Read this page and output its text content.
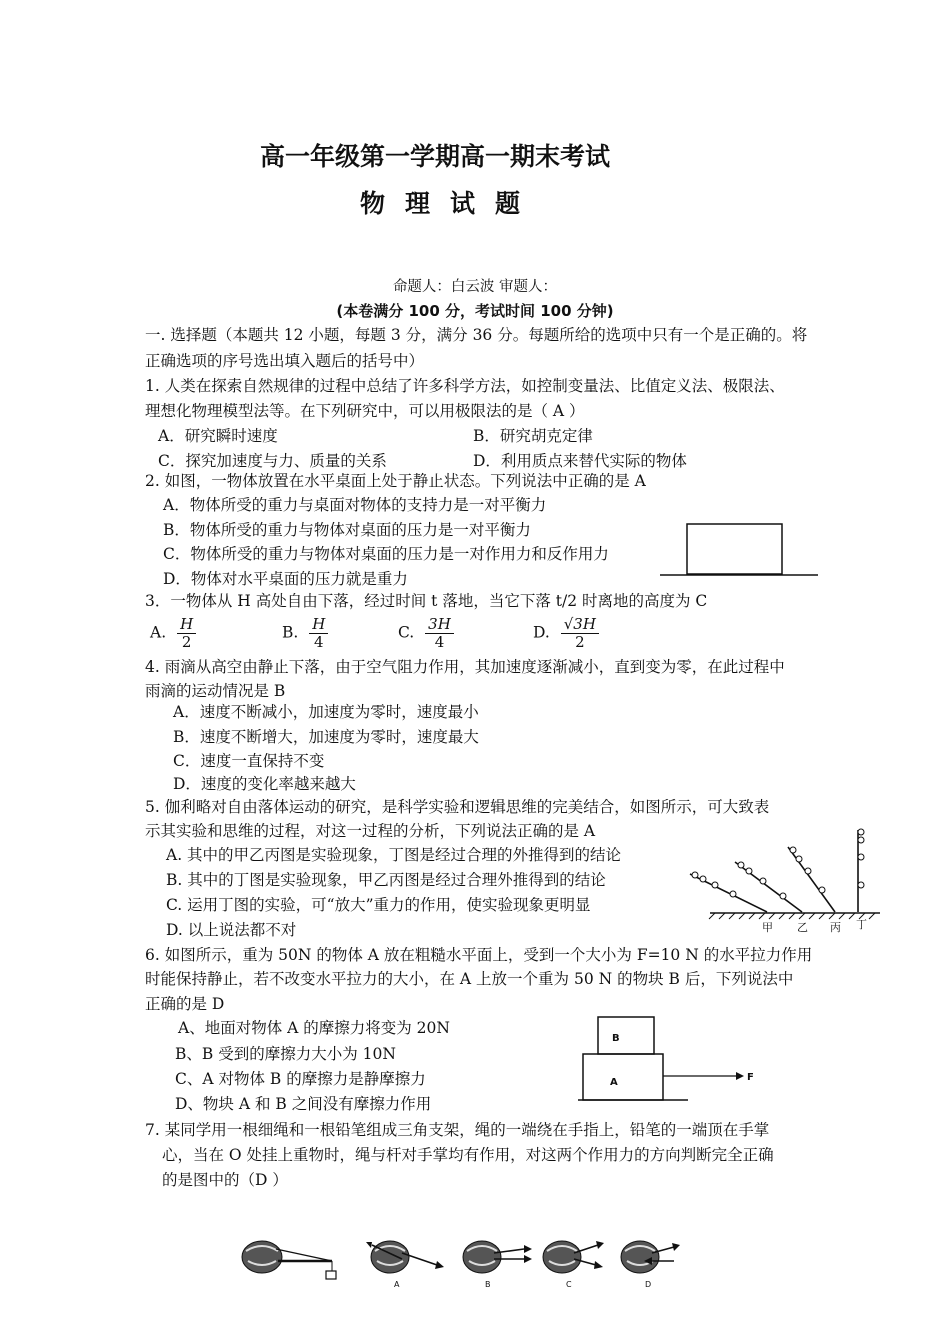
高一年级第一学期高一期末考试
物理试题
命题人：白云波 审题人：
(本卷满分 100 分，考试时间 100 分钟)
一. 选择题（本题共 12 小题，每题 3 分，满分 36 分。每题所给的选项中只有一个是正确的。将
正确选项的序号选出填入题后的括号中）
1. 人类在探索自然规律的过程中总结了许多科学方法，如控制变量法、比值定义法、极限法、
理想化物理模型法等。在下列研究中，可以用极限法的是（ A ）
A．研究瞬时速度	B．研究胡克定律
C．探究加速度与力、质量的关系	D．利用质点来替代实际的物体
2. 如图，一物体放置在水平桌面上处于静止状态。下列说法中正确的是 A
A．物体所受的重力与桌面对物体的支持力是一对平衡力
B．物体所受的重力与物体对桌面的压力是一对平衡力
C．物体所受的重力与物体对桌面的压力是一对作用力和反作用力
D．物体对水平桌面的压力就是重力
3．一物体从 H 高处自由下落，经过时间 t 落地，当它下落 t/2 时离地的高度为 C
A. $\frac{H}{2}$	B. $\frac{H}{4}$	C. $\frac{3H}{4}$	D. $\frac{√3H}{2}$
4. 雨滴从高空由静止下落，由于空气阻力作用，其加速度逐渐减小，直到变为零，在此过程中
雨滴的运动情况是 B
A．速度不断减小，加速度为零时，速度最小
B．速度不断增大，加速度为零时，速度最大
C．速度一直保持不变
D．速度的变化率越来越大
5. 伽利略对自由落体运动的研究，是科学实验和逻辑思维的完美结合，如图所示，可大致表
示其实验和思维的过程，对这一过程的分析，下列说法正确的是 A
A. 其中的甲乙丙图是实验现象，丁图是经过合理的外推得到的结论
B. 其中的丁图是实验现象，甲乙丙图是经过合理外推得到的结论
C. 运用丁图的实验，可“放大”重力的作用，使实验现象更明显
D. 以上说法都不对	甲 乙 丙 丁
6. 如图所示，重为 50N 的物体 A 放在粗糙水平面上，受到一个大小为 F=10 N 的水平拉力作用
时能保持静止，若不改变水平拉力的大小，在 A 上放一个重为 50 N 的物块 B 后，下列说法中
正确的是 D
A、地面对物体 A 的摩擦力将变为 20N
B、B 受到的摩擦力大小为 10N
C、A 对物体 B 的摩擦力是静摩擦力
D、物块 A 和 B 之间没有摩擦力作用
B
A	F
7. 某同学用一根细绳和一根铅笔组成三角支架，绳的一端绕在手指上，铅笔的一端顶在手掌
心，当在 O 处挂上重物时，绳与杆对手掌均有作用，对这两个作用力的方向判断完全正确
的是图中的（D ）
A	B	C	D
